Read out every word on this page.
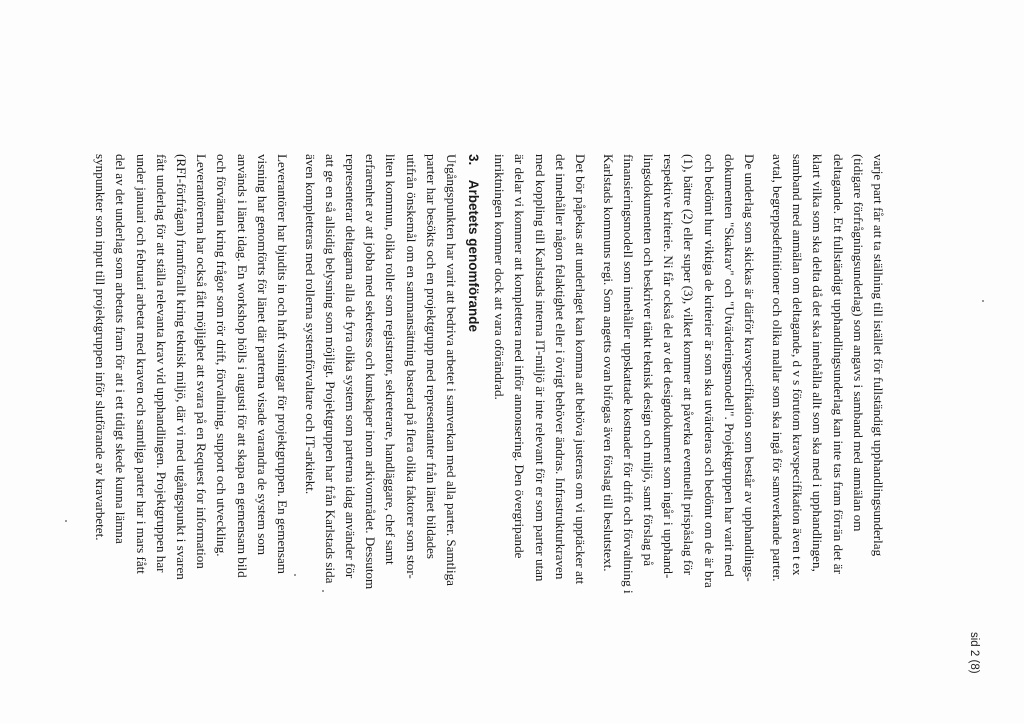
varje part får att ta ställning till istället för fullständigt upphandlingsunderlag
(tidigare förfrågningsunderlag) som angavs i samband med anmälan om
deltagande. Ett fullständigt upphandlingsunderlag kan inte tas fram förrän det är
klart vilka som ska delta då det ska innehålla allt som ska med i upphandlingen,
samband med anmälan om deltagande, d v s förutom kravspecifikation även t ex
avtal, begreppsdefinitioner och olika mallar som ska ingå för samverkande parter.
De underlag som skickas är därför kravspecifikation som består av upphandlings-
dokumenten "Skakrav" och "Utvärderingsmodell". Projektgruppen har varit med
och bedömt hur viktiga de kriterier är som ska utvärderas och bedömt om de är bra
(1), bättre (2) eller super (3), vilket kommer att påverka eventuellt prispåslag för
respektive kriterie. Ni får också del av det designdokument som ingår i upphand-
lingsdokumenten och beskriver tänkt teknisk design och miljö, samt förslag på
finansieringsmodell som innehåller uppskattade kostnader för drift och förvaltning i
Karlstads kommuns regi. Som angetts ovan bifogas även förslag till beslutstext.
Det bör påpekas att underlaget kan komma att behöva justeras om vi upptäcker att
det innehåller någon felaktighet eller i övrigt behöver ändras. Infrastrukturkraven
med koppling till Karlstads interna IT-miljö är inte relevant för er som parter utan
är delar vi kommer att komplettera med inför annonsering. Den övergripande
inriktningen kommer dock att vara oförändrad.
3.    Arbetets genomförande
Utgångspunkten har varit att bedriva arbetet i samverkan med alla parter. Samtliga
parter har besökts och en projektgrupp med representanter från länet bildades
utifrån önskemål om en sammansättning baserad på flera olika faktorer som stor-
liten kommun, olika roller som registrator, sekreterare, handläggare, chef samt
erfarenhet av att jobba med sekretess och kunskaper inom arkivområdet. Dessutom
representerar deltagarna alla de fyra olika system som parterna idag använder för
att ge en så allsidig belysning som möjligt. Projektgruppen har från Karlstads sida
även kompletteras med rollerna systemförvaltare och IT-arkitekt.
Leverantörer har bjudits in och haft visningar för projektgruppen. En gemensam
visning har genomförts för länet där parterna visade varandra de system som
används i länet idag. En workshop hölls i augusti för att skapa en gemensam bild
och förväntan kring frågor som rör drift, förvaltning, support och utveckling.
Leverantörerna har också fått möjlighet att svara på en Request for information
(RFI-förfrågan) framförallt kring teknisk miljö, där vi med utgångspunkt i svaren
fått underlag för att ställa relevanta krav vid upphandlingen. Projektgruppen har
under januari och februari arbetat med kraven och samtliga parter har i mars fått
del av det underlag som arbetats fram för att i ett tidigt skede kunna lämna
synpunkter som input till projektgruppen inför slutförande av kravarbetet.
sid 2 (8)
